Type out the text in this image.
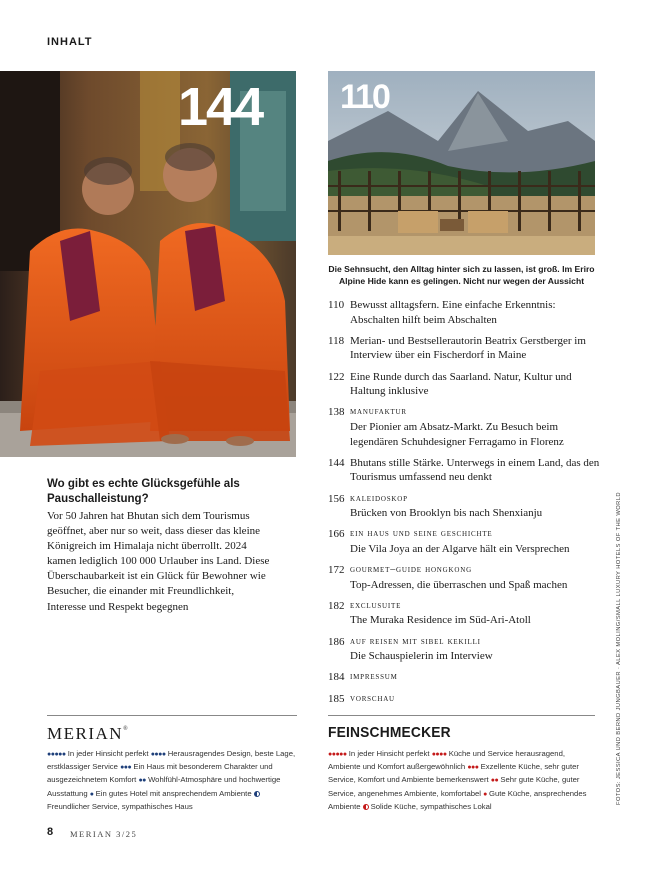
INHALT
144 110
Die Sehnsucht, den Alltag hinter sich zu lassen, ist groß. Im Eriro Alpine Hide kann es gelingen. Nicht nur wegen der Aussicht
Wo gibt es echte Glücksgefühle als Pauschalleistung?
Vor 50 Jahren hat Bhutan sich dem Tourismus geöffnet, aber nur so weit, dass dieser das kleine Königreich im Himalaja nicht überrollt. 2024 kamen lediglich 100 000 Urlauber ins Land. Diese Überschaubarkeit ist ein Glück für Bewohner wie Besucher, die einander mit Freundlichkeit, Interesse und Respekt begegnen
110 Bewusst alltagsfern. Eine einfache Erkenntnis: Abschalten hilft beim Abschalten
118 Merian- und Bestsellerautorin Beatrix Gerstberger im Interview über ein Fischerdorf in Maine
122 Eine Runde durch das Saarland. Natur, Kultur und Haltung inklusive
138 manufaktur
Der Pionier am Absatz-Markt. Zu Besuch beim legendären Schuhdesigner Ferragamo in Florenz
144 Bhutans stille Stärke. Unterwegs in einem Land, das den Tourismus umfassend neu denkt
156 kaleidoskop
Brücken von Brooklyn bis nach Shenxianju
166 ein haus und seine geschichte
Die Vila Joya an der Algarve hält ein Versprechen
172 gourmet–guide hongkong
Top-Adressen, die überraschen und Spaß machen
182 exclusuite
The Muraka Residence im Süd-Ari-Atoll
186 auf reisen mit sibel kekilli
Die Schauspielerin im Interview
184 impressum
185 vorschau	FOTOS: JESSICA UND BERND JUNGBAUER · ALEX MOLING/SMALL LUXURY HOTELS OF THE WORLD
MERIAN®	FEINSCHMECKER
●●●●● In jeder Hinsicht perfekt ●●●● Herausragendes Design, beste Lage, erstklassiger Service ●●● Ein Haus mit besonderem Charakter und ausgezeichnetem Komfort ●● Wohlfühl-Atmosphäre und hochwertige Ausstattung ● Ein gutes Hotel mit ansprechendem Ambiente Freundlicher Service, sympathisches Haus
●●●●● In jeder Hinsicht perfekt ●●●● Küche und Service herausragend, Ambiente und Komfort außergewöhnlich ●●● Exzellente Küche, sehr guter Service, Komfort und Ambiente bemerkenswert ●● Sehr gute Küche, guter Service, angenehmes Ambiente, komfortabel ● Gute Küche, ansprechendes Ambiente Solide Küche, sympathisches Lokal
8 MERIAN 3/25
